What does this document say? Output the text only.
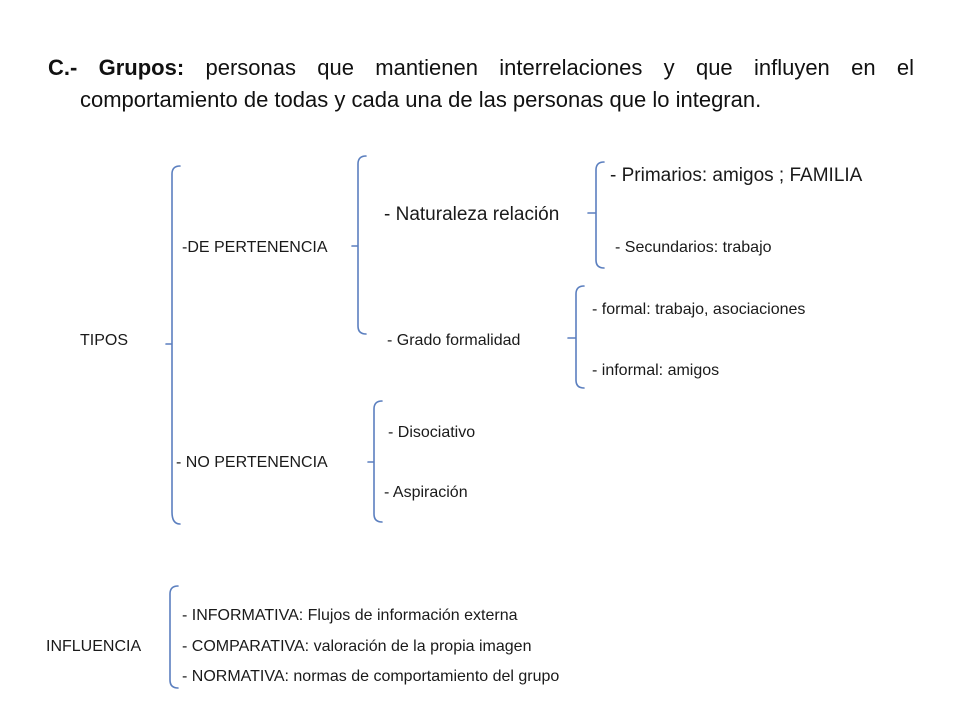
C.- Grupos: personas que mantienen interrelaciones y que influyen en el
comportamiento de todas y cada una de las personas que lo integran.
- Primarios: amigos ; FAMILIA
- Naturaleza relación
-DE PERTENENCIA	- Secundarios: trabajo
- formal: trabajo, asociaciones
TIPOS	- Grado formalidad
- informal: amigos
- Disociativo
- NO PERTENENCIA
- Aspiración
- INFORMATIVA: Flujos de información externa
INFLUENCIA	- COMPARATIVA: valoración de la propia imagen
- NORMATIVA: normas de comportamiento del grupo
